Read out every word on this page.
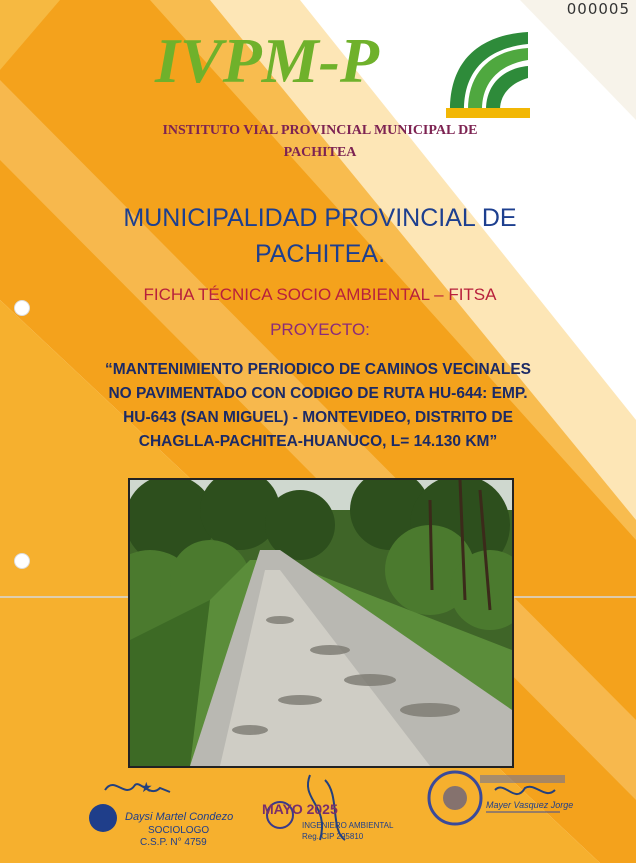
000005
IVPM-P
INSTITUTO VIAL PROVINCIAL MUNICIPAL DE
PACHITEA
MUNICIPALIDAD PROVINCIAL DE
PACHITEA.
FICHA TÉCNICA SOCIO AMBIENTAL – FITSA
PROYECTO:
“MANTENIMIENTO PERIODICO DE CAMINOS VECINALES
NO PAVIMENTADO CON CODIGO DE RUTA HU-644: EMP.
HU-643 (SAN MIGUEL) - MONTEVIDEO, DISTRITO DE
CHAGLLA-PACHITEA-HUANUCO, L= 14.130 KM”
★
Daysi Martel Condezo
SOCIOLOGO
C.S.P. N° 4759
MAYO 2025
INGENIERO AMBIENTAL
Reg. CIP 295810
Mayer Vasquez Jorge
